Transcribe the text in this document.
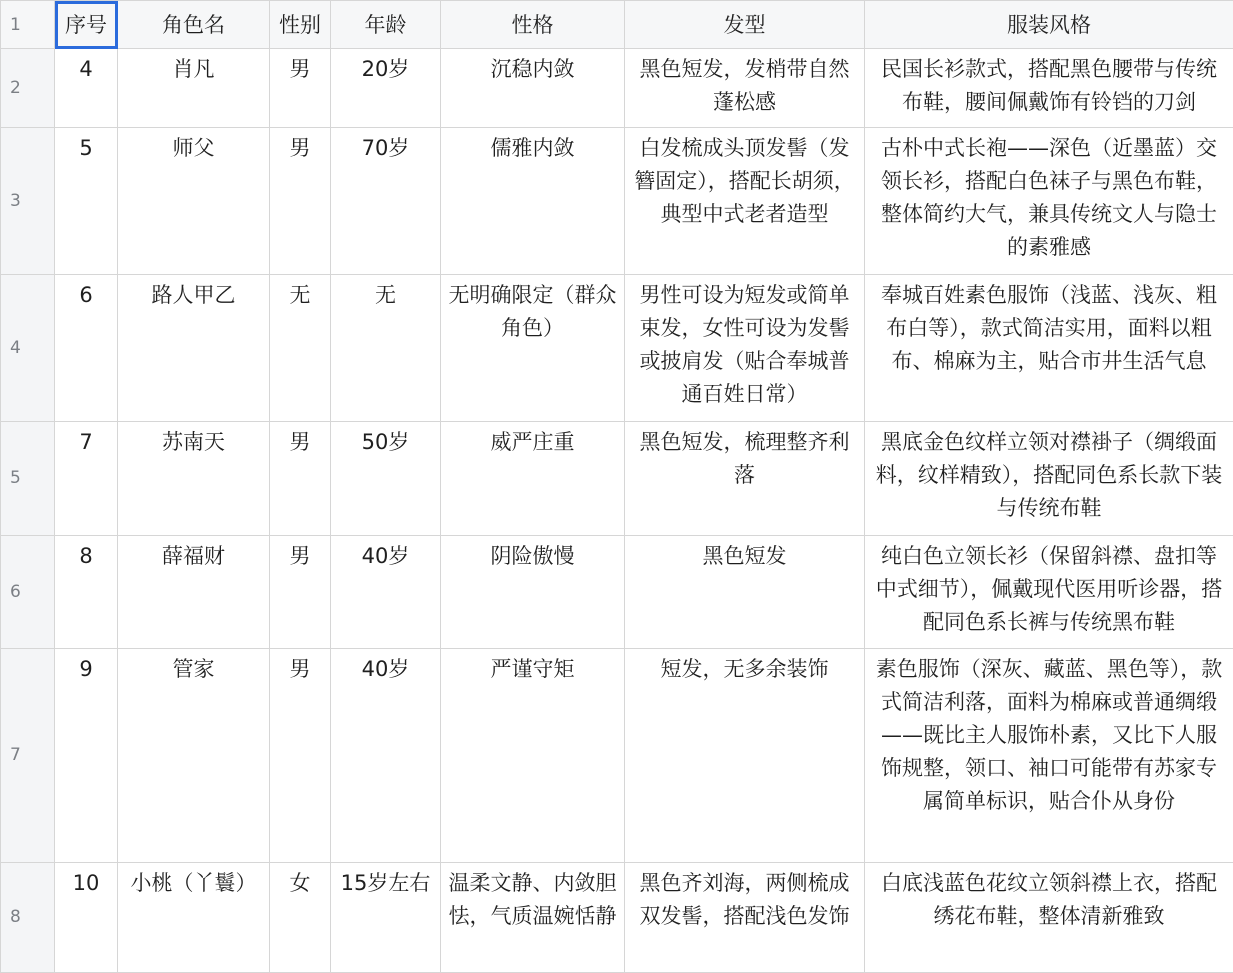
1	序号	角色名	性别	年龄	性格	发型	服装风格
2	4	肖凡	男	20岁	沉稳内敛	黑色短发，发梢带自然蓬松感	民国长衫款式，搭配黑色腰带与传统布鞋，腰间佩戴饰有铃铛的刀剑
3	5	师父	男	70岁	儒雅内敛	白发梳成头顶发髻（发簪固定），搭配长胡须，典型中式老者造型	古朴中式长袍——深色（近墨蓝）交领长衫，搭配白色袜子与黑色布鞋，整体简约大气，兼具传统文人与隐士的素雅感
4	6	路人甲乙	无	无	无明确限定（群众角色）	男性可设为短发或简单束发，女性可设为发髻或披肩发（贴合奉城普通百姓日常）	奉城百姓素色服饰（浅蓝、浅灰、粗布白等），款式简洁实用，面料以粗布、棉麻为主，贴合市井生活气息
5	7	苏南天	男	50岁	威严庄重	黑色短发，梳理整齐利落	黑底金色纹样立领对襟褂子（绸缎面料，纹样精致），搭配同色系长款下装与传统布鞋
6	8	薛福财	男	40岁	阴险傲慢	黑色短发	纯白色立领长衫（保留斜襟、盘扣等中式细节），佩戴现代医用听诊器，搭配同色系长裤与传统黑布鞋
7	9	管家	男	40岁	严谨守矩	短发，无多余装饰	素色服饰（深灰、藏蓝、黑色等），款式简洁利落，面料为棉麻或普通绸缎——既比主人服饰朴素，又比下人服饰规整，领口、袖口可能带有苏家专属简单标识，贴合仆从身份
8	10	小桃（丫鬟）	女	15岁左右	温柔文静、内敛胆怯，气质温婉恬静	黑色齐刘海，两侧梳成双发髻，搭配浅色发饰	白底浅蓝色花纹立领斜襟上衣，搭配绣花布鞋，整体清新雅致
